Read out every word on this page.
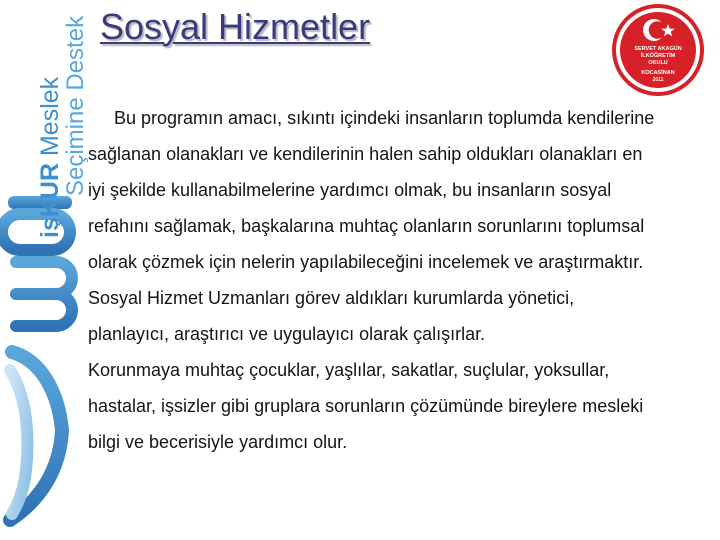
işKUR Meslek
Seçimine Destek Sosyal Hizmetler
SERVET AKAGÜN
İLKÖĞRETİM
OKULU
KOCASİNAN
2011

Bu programın amacı, sıkıntı içindeki insanların toplumda kendilerine
sağlanan olanakları ve kendilerinin halen sahip oldukları olanakları en
iyi şekilde kullanabilmelerine yardımcı olmak, bu insanların sosyal
refahını sağlamak, başkalarına muhtaç olanların sorunlarını toplumsal
olarak çözmek için nelerin yapılabileceğini incelemek ve araştırmaktır.

Sosyal Hizmet Uzmanları görev aldıkları kurumlarda yönetici,
planlayıcı, araştırıcı ve uygulayıcı olarak çalışırlar.

Korunmaya muhtaç çocuklar, yaşlılar, sakatlar, suçlular, yoksullar,
hastalar, işsizler gibi gruplara sorunların çözümünde bireylere mesleki
bilgi ve becerisiyle yardımcı olur.
